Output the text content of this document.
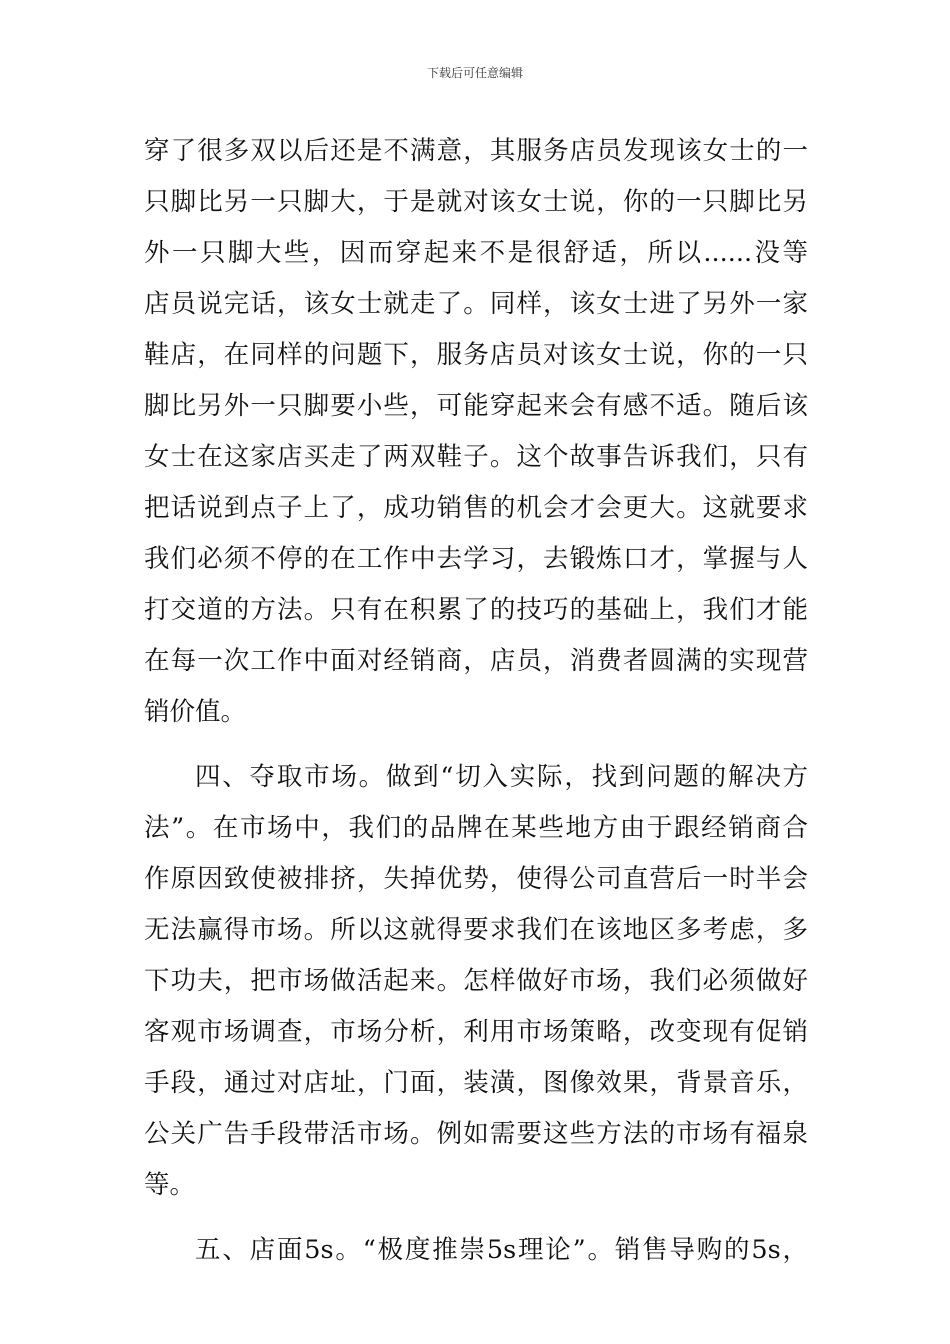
下载后可任意编辑
穿了很多双以后还是不满意，其服务店员发现该女士的一
只脚比另一只脚大，于是就对该女士说，你的一只脚比另
外一只脚大些，因而穿起来不是很舒适，所以......没等
店员说完话，该女士就走了。同样，该女士进了另外一家
鞋店，在同样的问题下，服务店员对该女士说，你的一只
脚比另外一只脚要小些，可能穿起来会有感不适。随后该
女士在这家店买走了两双鞋子。这个故事告诉我们，只有
把话说到点子上了，成功销售的机会才会更大。这就要求
我们必须不停的在工作中去学习，去锻炼口才，掌握与人
打交道的方法。只有在积累了的技巧的基础上，我们才能
在每一次工作中面对经销商，店员，消费者圆满的实现营
销价值。
四、夺取市场。做到“切入实际，找到问题的解决方
法”。在市场中，我们的品牌在某些地方由于跟经销商合
作原因致使被排挤，失掉优势，使得公司直营后一时半会
无法赢得市场。所以这就得要求我们在该地区多考虑，多
下功夫，把市场做活起来。怎样做好市场，我们必须做好
客观市场调查，市场分析，利用市场策略，改变现有促销
手段，通过对店址，门面，装潢，图像效果，背景音乐，
公关广告手段带活市场。例如需要这些方法的市场有福泉
等。
五、店面5s。“极度推崇5s理论”。销售导购的5s，
